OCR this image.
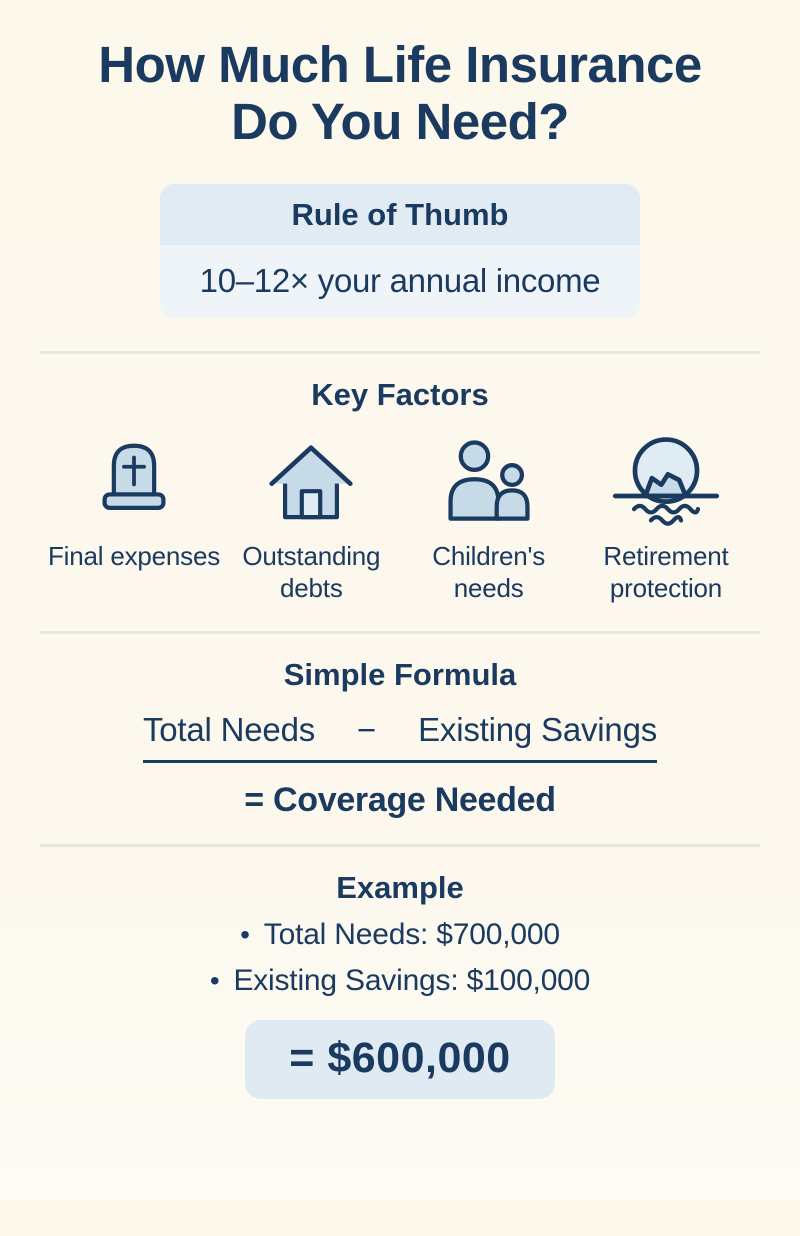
How Much Life Insurance
Do You Need?
Rule of Thumb
10–12× your annual income
Key Factors
Final expenses Outstanding debts
Children's needs
Retirement protection
Simple Formula
Total Needs − Existing Savings
= Coverage Needed
Example
• Total Needs: $700,000
• Existing Savings: $100,000
= $600,000
